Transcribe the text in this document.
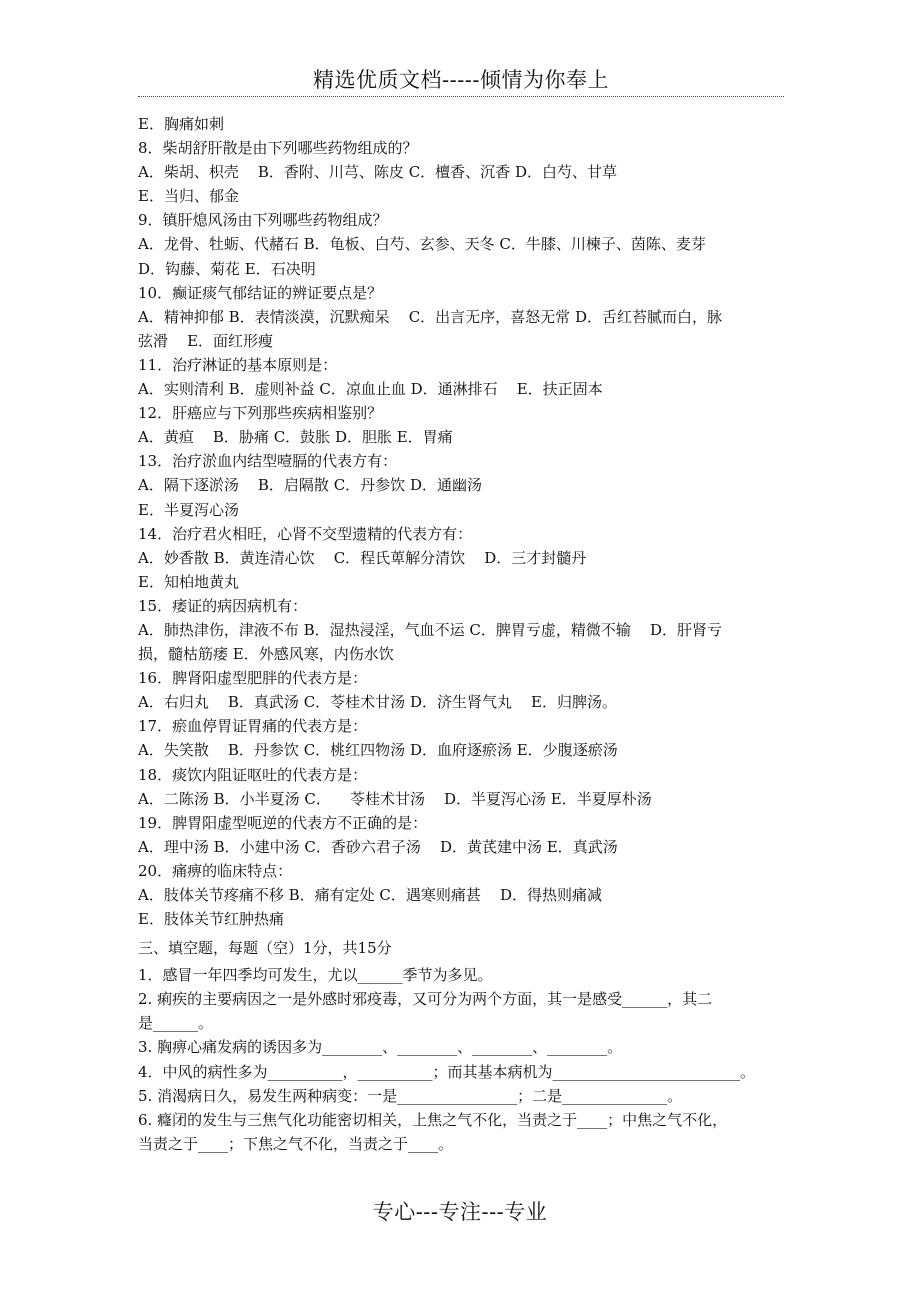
精选优质文档-----倾情为你奉上
E．胸痛如刺
8．柴胡舒肝散是由下列哪些药物组成的？
A．柴胡、枳壳    B．香附、川芎、陈皮 C．檀香、沉香 D．白芍、甘草
E．当归、郁金
9．镇肝熄风汤由下列哪些药物组成？
A．龙骨、牡蛎、代赭石 B．龟板、白芍、玄参、天冬 C．牛膝、川楝子、茵陈、麦芽
D．钩藤、菊花 E．石决明
10．癫证痰气郁结证的辨证要点是？
A．精神抑郁 B．表情淡漠，沉默痴呆    C．出言无序，喜怒无常 D．舌红苔腻而白，脉
弦滑    E．面红形瘦
11．治疗淋证的基本原则是：
A．实则清利 B．虚则补益 C．凉血止血 D．通淋排石    E．扶正固本
12．肝癌应与下列那些疾病相鉴别？
A．黄疸    B．胁痛 C．鼓胀 D．胆胀 E．胃痛
13．治疗淤血内结型噎膈的代表方有：
A．隔下逐淤汤    B．启隔散 C．丹参饮 D．通幽汤
E．半夏泻心汤
14．治疗君火相旺，心肾不交型遗精的代表方有：
A．妙香散 B．黄连清心饮    C．程氏萆解分清饮    D．三才封髓丹
E．知柏地黄丸
15．痿证的病因病机有：
A．肺热津伤，津液不布 B．湿热浸淫，气血不运 C．脾胃亏虚，精微不输    D．肝肾亏
损，髓枯筋痿 E．外感风寒，内伤水饮
16．脾肾阳虚型肥胖的代表方是：
A．右归丸    B．真武汤 C．苓桂术甘汤 D．济生肾气丸    E．归脾汤。
17．瘀血停胃证胃痛的代表方是：
A．失笑散    B．丹参饮 C．桃红四物汤 D．血府逐瘀汤 E．少腹逐瘀汤
18．痰饮内阻证呕吐的代表方是：
A．二陈汤 B．小半夏汤 C．    苓桂术甘汤    D．半夏泻心汤 E．半夏厚朴汤
19．脾胃阳虚型呃逆的代表方不正确的是：
A．理中汤 B．小建中汤 C．香砂六君子汤    D．黄芪建中汤 E．真武汤
20．痛痹的临床特点：
A．肢体关节疼痛不移 B．痛有定处 C．遇寒则痛甚    D．得热则痛减
E．肢体关节红肿热痛
三、填空题，每题（空）1分，共15分
1．感冒一年四季均可发生，尤以______季节为多见。
2. 痢疾的主要病因之一是外感时邪疫毒，又可分为两个方面，其一是感受______，其二
是______。
3. 胸痹心痛发病的诱因多为________、________、________、________。
4．中风的病性多为__________，__________；而其基本病机为_________________________。
5. 消渴病日久，易发生两种病变：一是________________；二是______________。
6. 癃闭的发生与三焦气化功能密切相关，上焦之气不化，当责之于____；中焦之气不化，
当责之于____；下焦之气不化，当责之于____。
专心---专注---专业
